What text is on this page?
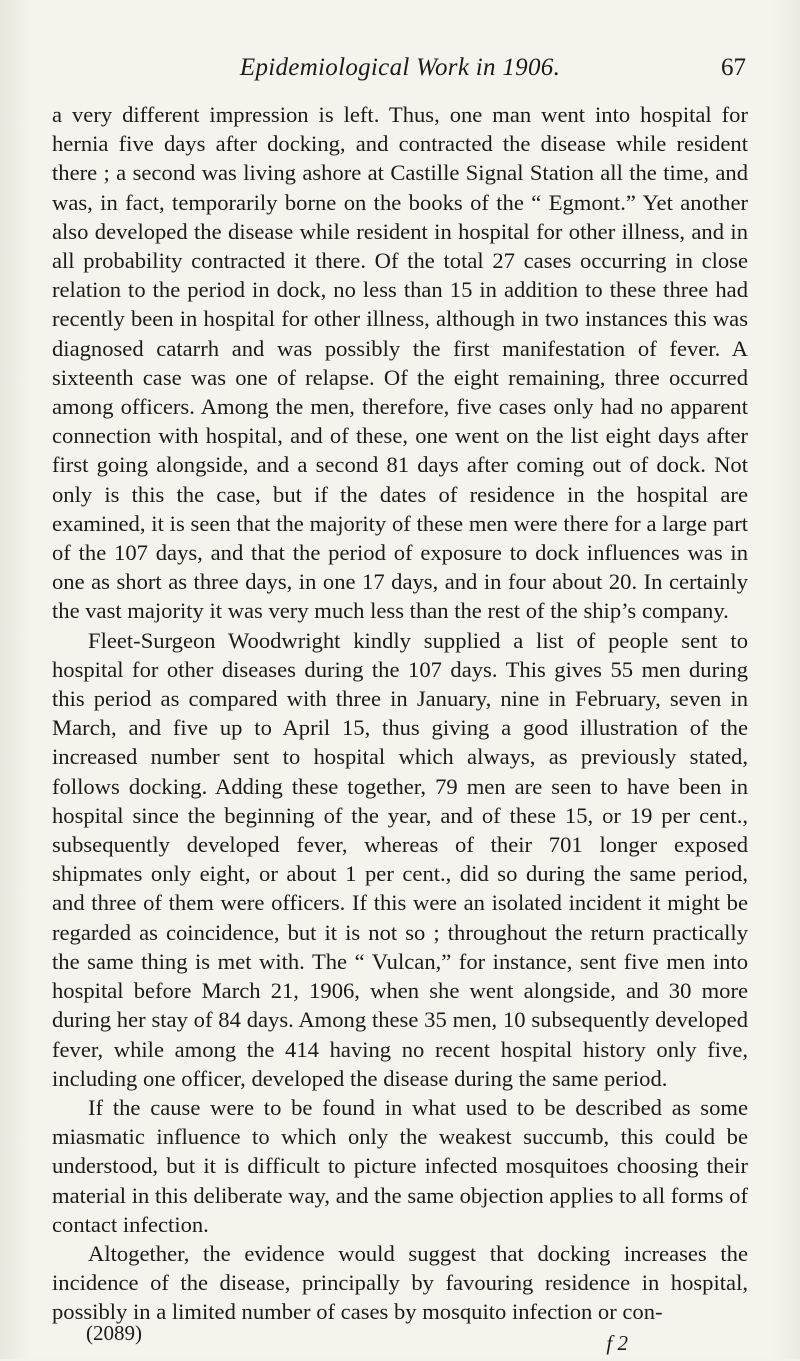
Epidemiological Work in 1906.	67

a very different impression is left. Thus, one man went into hospital for hernia five days after docking, and contracted the disease while resident there ; a second was living ashore at Castille Signal Station all the time, and was, in fact, temporarily borne on the books of the “ Egmont.” Yet another also developed the disease while resident in hospital for other illness, and in all probability contracted it there. Of the total 27 cases occurring in close relation to the period in dock, no less than 15 in addition to these three had recently been in hospital for other illness, although in two instances this was diagnosed catarrh and was possibly the first manifestation of fever. A sixteenth case was one of relapse. Of the eight remaining, three occurred among officers. Among the men, therefore, five cases only had no apparent connection with hospital, and of these, one went on the list eight days after first going alongside, and a second 81 days after coming out of dock. Not only is this the case, but if the dates of residence in the hospital are examined, it is seen that the majority of these men were there for a large part of the 107 days, and that the period of exposure to dock influences was in one as short as three days, in one 17 days, and in four about 20. In certainly the vast majority it was very much less than the rest of the ship’s company.

Fleet-Surgeon Woodwright kindly supplied a list of people sent to hospital for other diseases during the 107 days. This gives 55 men during this period as compared with three in January, nine in February, seven in March, and five up to April 15, thus giving a good illustration of the increased number sent to hospital which always, as previously stated, follows docking. Adding these together, 79 men are seen to have been in hospital since the beginning of the year, and of these 15, or 19 per cent., subsequently developed fever, whereas of their 701 longer exposed shipmates only eight, or about 1 per cent., did so during the same period, and three of them were officers. If this were an isolated incident it might be regarded as coincidence, but it is not so ; throughout the return practically the same thing is met with. The “ Vulcan,” for instance, sent five men into hospital before March 21, 1906, when she went alongside, and 30 more during her stay of 84 days. Among these 35 men, 10 subsequently developed fever, while among the 414 having no recent hospital history only five, including one officer, developed the disease during the same period.

If the cause were to be found in what used to be described as some miasmatic influence to which only the weakest succumb, this could be understood, but it is difficult to picture infected mosquitoes choosing their material in this deliberate way, and the same objection applies to all forms of contact infection.

Altogether, the evidence would suggest that docking increases the incidence of the disease, principally by favouring residence in hospital, possibly in a limited number of cases by mosquito infection or con-

(2089)	f 2
